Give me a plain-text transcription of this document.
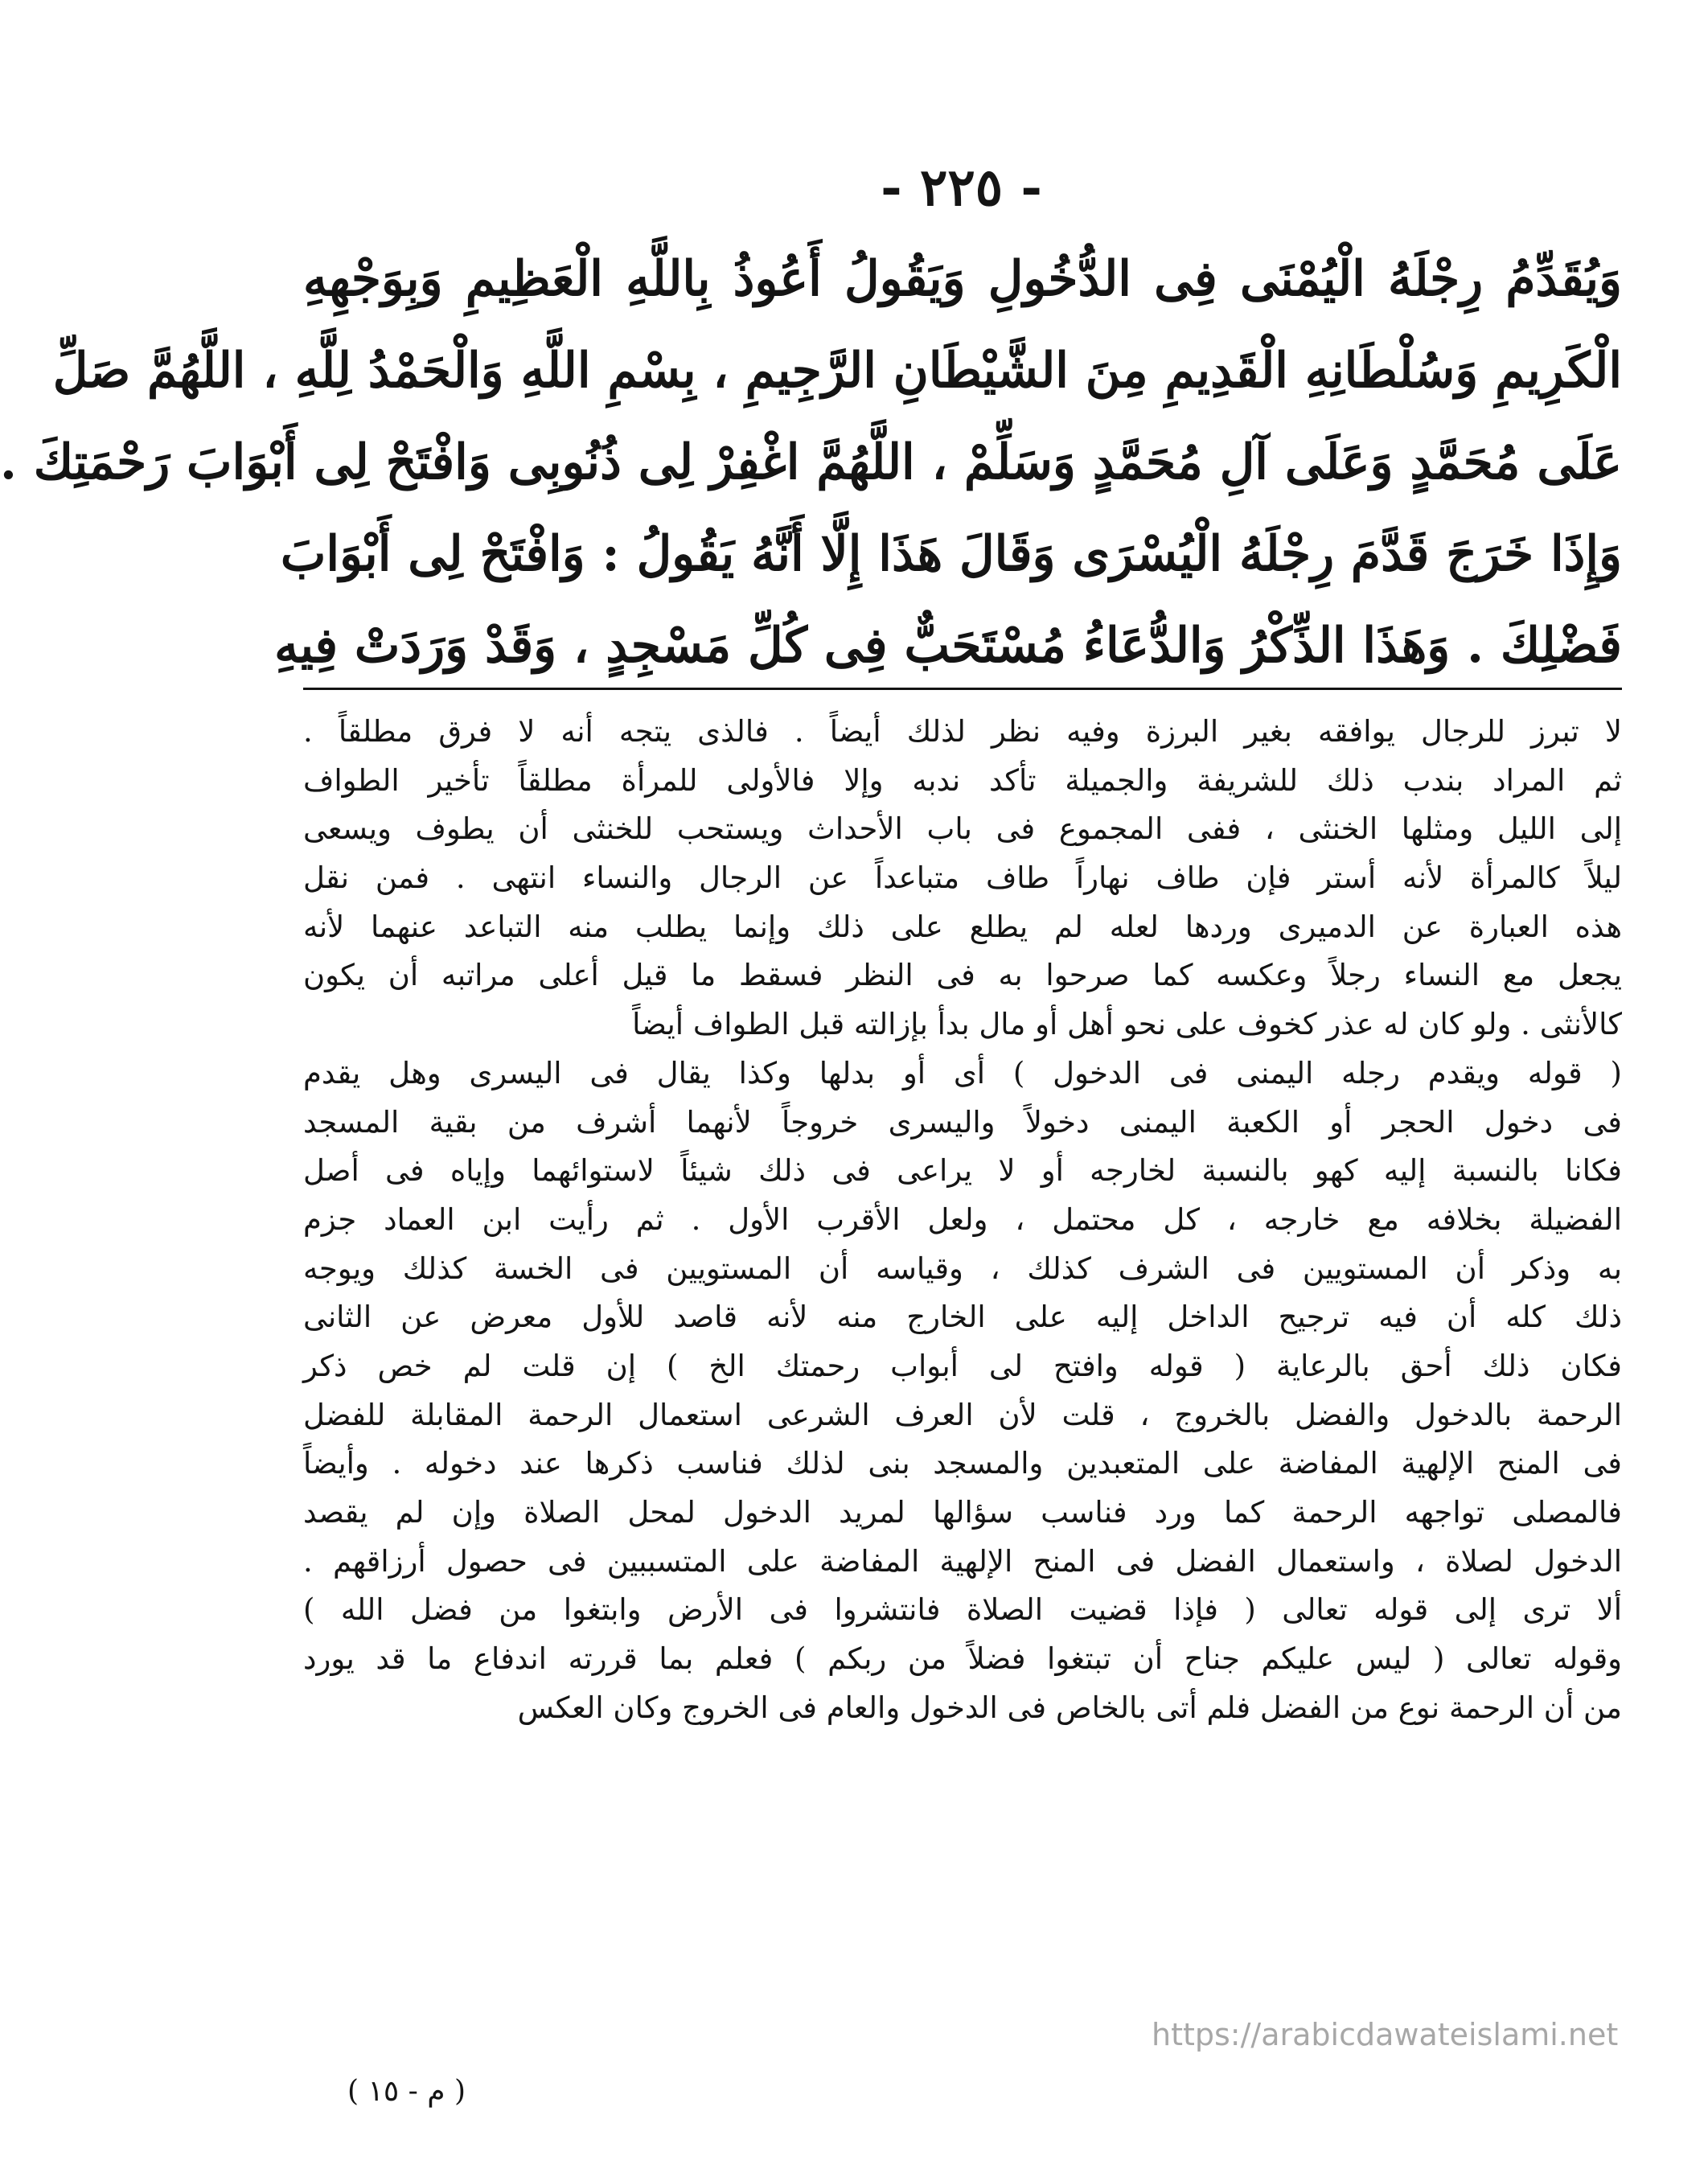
- ٢٢٥ -
وَيُقَدِّمُ رِجْلَهُ الْيُمْنَى فِى الدُّخُولِ وَيَقُولُ أَعُوذُ بِاللَّهِ الْعَظِيمِ وَبِوَجْهِهِ
الْكَرِيمِ وَسُلْطَانِهِ الْقَدِيمِ مِنَ الشَّيْطَانِ الرَّجِيمِ ، بِسْمِ اللَّهِ وَالْحَمْدُ لِلَّهِ ، اللَّهُمَّ صَلِّ
عَلَى مُحَمَّدٍ وَعَلَى آلِ مُحَمَّدٍ وَسَلِّمْ ، اللَّهُمَّ اغْفِرْ لِى ذُنُوبِى وَافْتَحْ لِى أَبْوَابَ رَحْمَتِكَ .
وَإِذَا خَرَجَ قَدَّمَ رِجْلَهُ الْيُسْرَى وَقَالَ هَذَا إِلَّا أَنَّهُ يَقُولُ : وَافْتَحْ لِى أَبْوَابَ
فَضْلِكَ . وَهَذَا الذِّكْرُ وَالدُّعَاءُ مُسْتَحَبٌّ فِى كُلِّ مَسْجِدٍ ، وَقَدْ وَرَدَتْ فِيهِ
لا تبرز للرجال يوافقه بغير البرزة وفيه نظر لذلك أيضاً . فالذى يتجه أنه لا فرق مطلقاً .
ثم المراد بندب ذلك للشريفة والجميلة تأكد ندبه وإلا فالأولى للمرأة مطلقاً تأخير الطواف
إلى الليل ومثلها الخنثى ، ففى المجموع فى باب الأحداث ويستحب للخنثى أن يطوف ويسعى
ليلاً كالمرأة لأنه أستر فإن طاف نهاراً طاف متباعداً عن الرجال والنساء انتهى . فمن نقل
هذه العبارة عن الدميرى وردها لعله لم يطلع على ذلك وإنما يطلب منه التباعد عنهما لأنه
يجعل مع النساء رجلاً وعكسه كما صرحوا به فى النظر فسقط ما قيل أعلى مراتبه أن يكون
كالأنثى . ولو كان له عذر كخوف على نحو أهل أو مال بدأ بإزالته قبل الطواف أيضاً
( قوله ويقدم رجله اليمنى فى الدخول ) أى أو بدلها وكذا يقال فى اليسرى وهل يقدم
فى دخول الحجر أو الكعبة اليمنى دخولاً واليسرى خروجاً لأنهما أشرف من بقية المسجد
فكانا بالنسبة إليه كهو بالنسبة لخارجه أو لا يراعى فى ذلك شيئاً لاستوائهما وإياه فى أصل
الفضيلة بخلافه مع خارجه ، كل محتمل ، ولعل الأقرب الأول . ثم رأيت ابن العماد جزم
به وذكر أن المستويين فى الشرف كذلك ، وقياسه أن المستويين فى الخسة كذلك ويوجه
ذلك كله أن فيه ترجيح الداخل إليه على الخارج منه لأنه قاصد للأول معرض عن الثانى
فكان ذلك أحق بالرعاية ( قوله وافتح لى أبواب رحمتك الخ ) إن قلت لم خص ذكر
الرحمة بالدخول والفضل بالخروج ، قلت لأن العرف الشرعى استعمال الرحمة المقابلة للفضل
فى المنح الإلهية المفاضة على المتعبدين والمسجد بنى لذلك فناسب ذكرها عند دخوله . وأيضاً
فالمصلى تواجهه الرحمة كما ورد فناسب سؤالها لمريد الدخول لمحل الصلاة وإن لم يقصد
الدخول لصلاة ، واستعمال الفضل فى المنح الإلهية المفاضة على المتسببين فى حصول أرزاقهم .
ألا ترى إلى قوله تعالى ( فإذا قضيت الصلاة فانتشروا فى الأرض وابتغوا من فضل الله )
وقوله تعالى ( ليس عليكم جناح أن تبتغوا فضلاً من ربكم ) فعلم بما قررته اندفاع ما قد يورد
من أن الرحمة نوع من الفضل فلم أتى بالخاص فى الدخول والعام فى الخروج وكان العكس
https://arabicdawateislami.net
( م - ١٥ )
